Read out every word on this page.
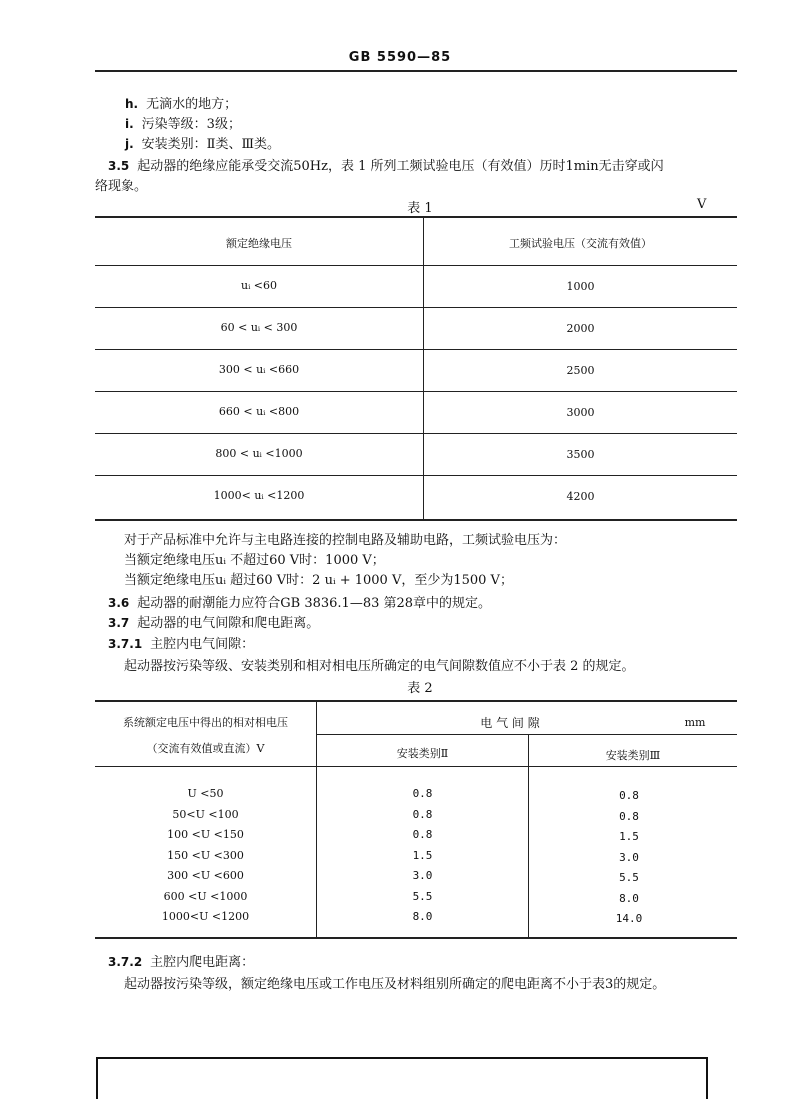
GB 5590—85
h. 无滴水的地方；
i. 污染等级：3级；
j. 安装类别：Ⅱ类、Ⅲ类。
3.5 起动器的绝缘应能承受交流50Hz，表 1 所列工频试验电压（有效值）历时1min无击穿或闪
络现象。
表 1	V
额定绝缘电压	工频试验电压（交流有效值）
uᵢ <60	1000
60 < uᵢ < 300	2000
300 < uᵢ <660	2500
660 < uᵢ <800	3000
800 < uᵢ <1000	3500
1000< uᵢ <1200	4200
对于产品标准中允许与主电路连接的控制电路及辅助电路，工频试验电压为：
当额定绝缘电压uᵢ 不超过60 V时：1000 V；
当额定绝缘电压uᵢ 超过60 V时：2 uᵢ + 1000 V，至少为1500 V；
3.6 起动器的耐潮能力应符合GB 3836.1—83 第28章中的规定。
3.7 起动器的电气间隙和爬电距离。
3.7.1 主腔内电气间隙：
起动器按污染等级、安装类别和相对相电压所确定的电气间隙数值应不小于表 2 的规定。
表 2
系统额定电压中得出的相对相电压
（交流有效值或直流）V
电 气 间 隙	mm
安装类别Ⅱ	安装类别Ⅲ
U <50	0.8	0.8
50<U <100	0.8	0.8
100 <U <150	0.8	1.5
150 <U <300	1.5	3.0
300 <U <600	3.0	5.5
600 <U <1000	5.5	8.0
1000<U <1200	8.0	14.0
3.7.2 主腔内爬电距离：
起动器按污染等级，额定绝缘电压或工作电压及材料组别所确定的爬电距离不小于表3的规定。
